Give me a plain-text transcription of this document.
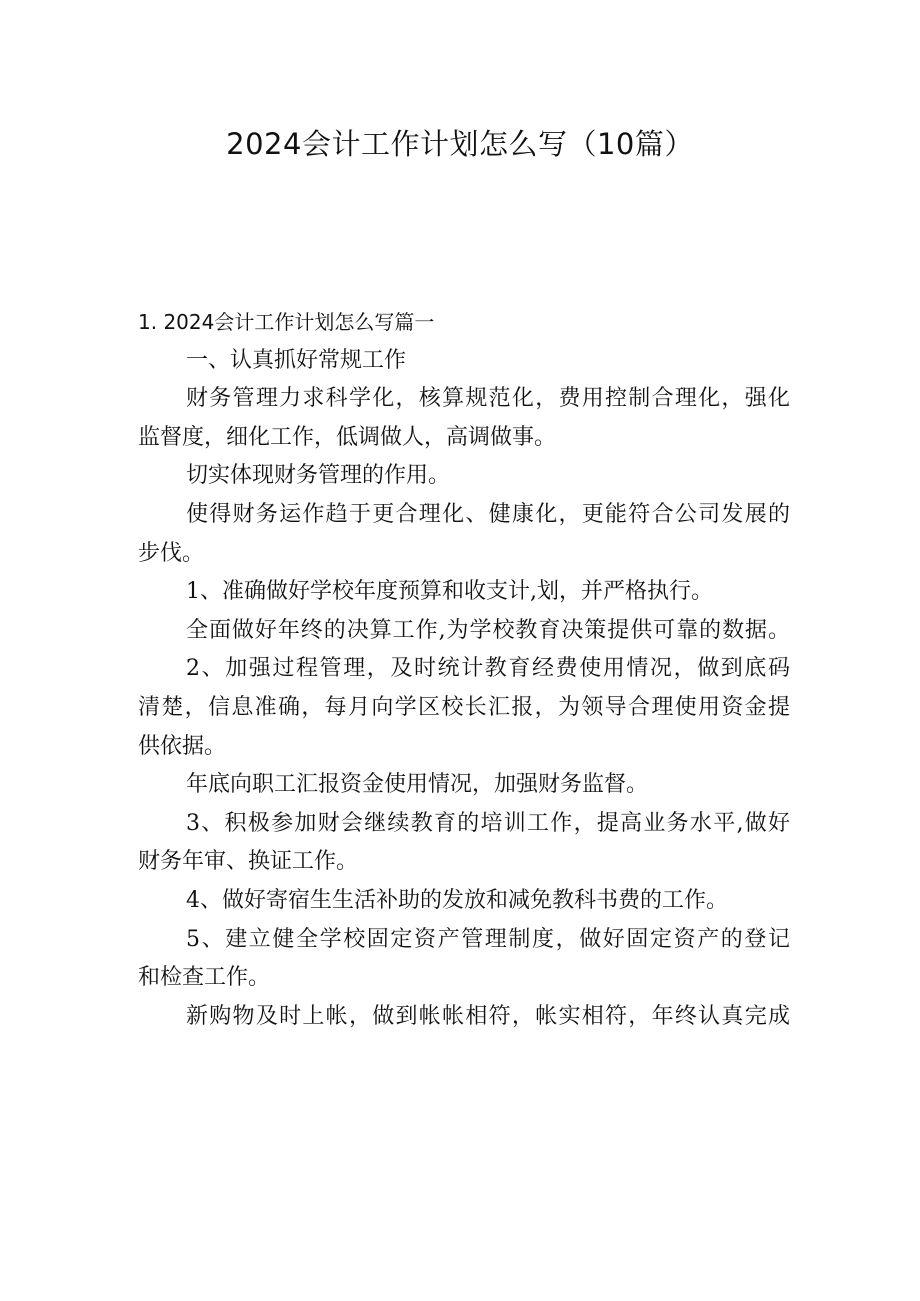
2024会计工作计划怎么写（10篇）
1. 2024会计工作计划怎么写篇一
一、认真抓好常规工作
财务管理力求科学化，核算规范化，费用控制合理化，强化
监督度，细化工作，低调做人，高调做事。
切实体现财务管理的作用。
使得财务运作趋于更合理化、健康化，更能符合公司发展的
步伐。
1、准确做好学校年度预算和收支计,划，并严格执行。
全面做好年终的决算工作,为学校教育决策提供可靠的数据。
2、加强过程管理，及时统计教育经费使用情况，做到底码
清楚，信息准确，每月向学区校长汇报，为领导合理使用资金提
供依据。
年底向职工汇报资金使用情况，加强财务监督。
3、积极参加财会继续教育的培训工作，提高业务水平,做好
财务年审、换证工作。
4、做好寄宿生生活补助的发放和减免教科书费的工作。
5、建立健全学校固定资产管理制度，做好固定资产的登记
和检查工作。
新购物及时上帐，做到帐帐相符，帐实相符，年终认真完成
